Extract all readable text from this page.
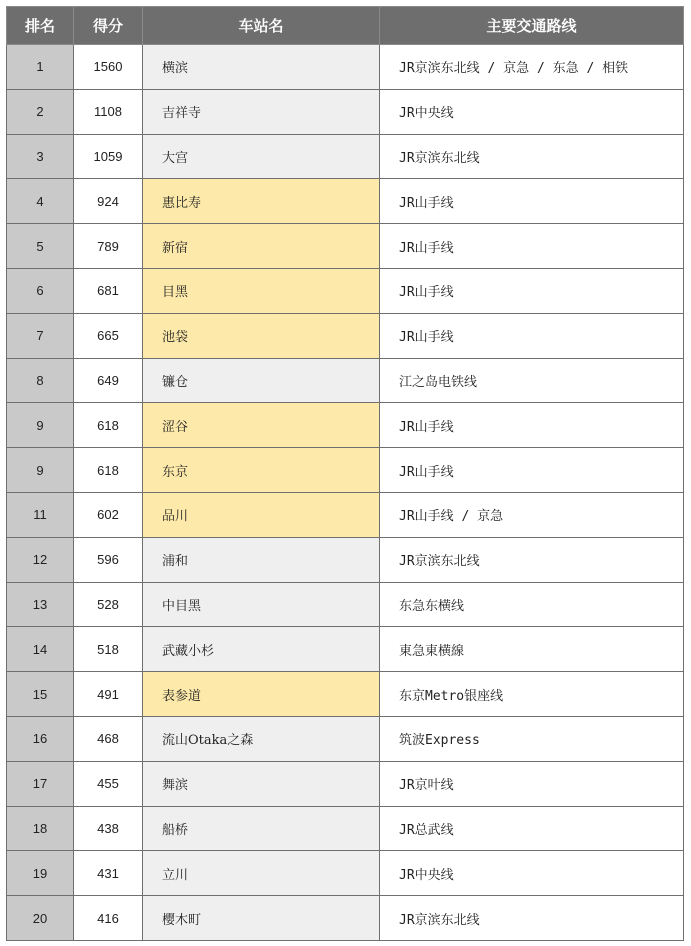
排名	得分	车站名	主要交通路线
1	1560	横滨	JR京滨东北线 / 京急 / 东急 / 相铁
2	1108	吉祥寺	JR中央线
3	1059	大宫	JR京滨东北线
4	924	惠比寿	JR山手线
5	789	新宿	JR山手线
6	681	目黑	JR山手线
7	665	池袋	JR山手线
8	649	镰仓	江之岛电铁线
9	618	涩谷	JR山手线
9	618	东京	JR山手线
11	602	品川	JR山手线 / 京急
12	596	浦和	JR京滨东北线
13	528	中目黑	东急东横线
14	518	武藏小杉	東急東横線
15	491	表参道	东京Metro银座线
16	468	流山Otaka之森	筑波Express
17	455	舞滨	JR京叶线
18	438	船桥	JR总武线
19	431	立川	JR中央线
20	416	樱木町	JR京滨东北线
